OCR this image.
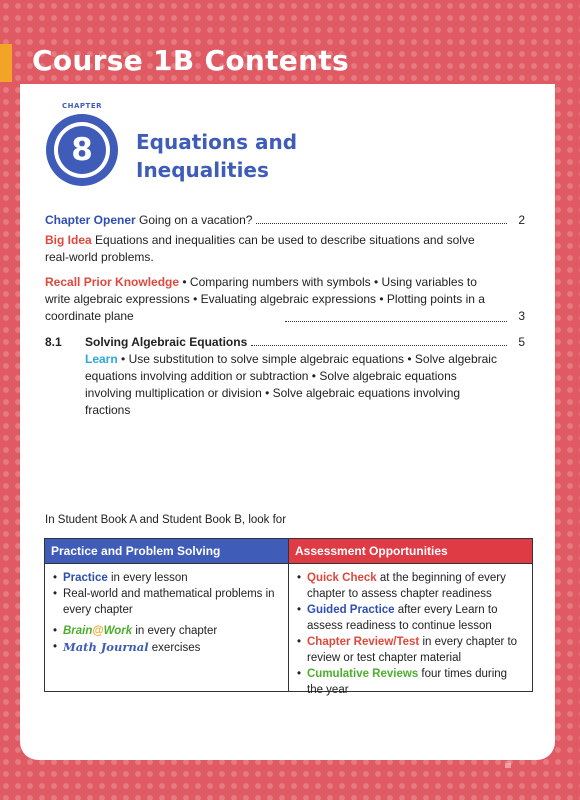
Course 1B Contents
CHAPTER
8	Equations and Inequalities
Chapter Opener Going on a vacation?	2
Big Idea Equations and inequalities can be used to describe situations and solve real-world problems.
Recall Prior Knowledge • Comparing numbers with symbols • Using variables to write algebraic expressions • Evaluating algebraic expressions • Plotting points in a coordinate plane	3
8.1 Solving Algebraic Equations	5
Learn • Use substitution to solve simple algebraic equations • Solve algebraic equations involving addition or subtraction • Solve algebraic equations involving multiplication or division • Solve algebraic equations involving fractions
In Student Book A and Student Book B, look for
Practice and Problem Solving
• Practice in every lesson
• Real-world and mathematical problems in every chapter
• Brain@Work in every chapter
• Math Journal exercises
Assessment Opportunities
• Quick Check at the beginning of every chapter to assess chapter readiness
• Guided Practice after every Learn to assess readiness to continue lesson
• Chapter Review/Test in every chapter to review or test chapter material
• Cumulative Reviews four times during the year
iii
